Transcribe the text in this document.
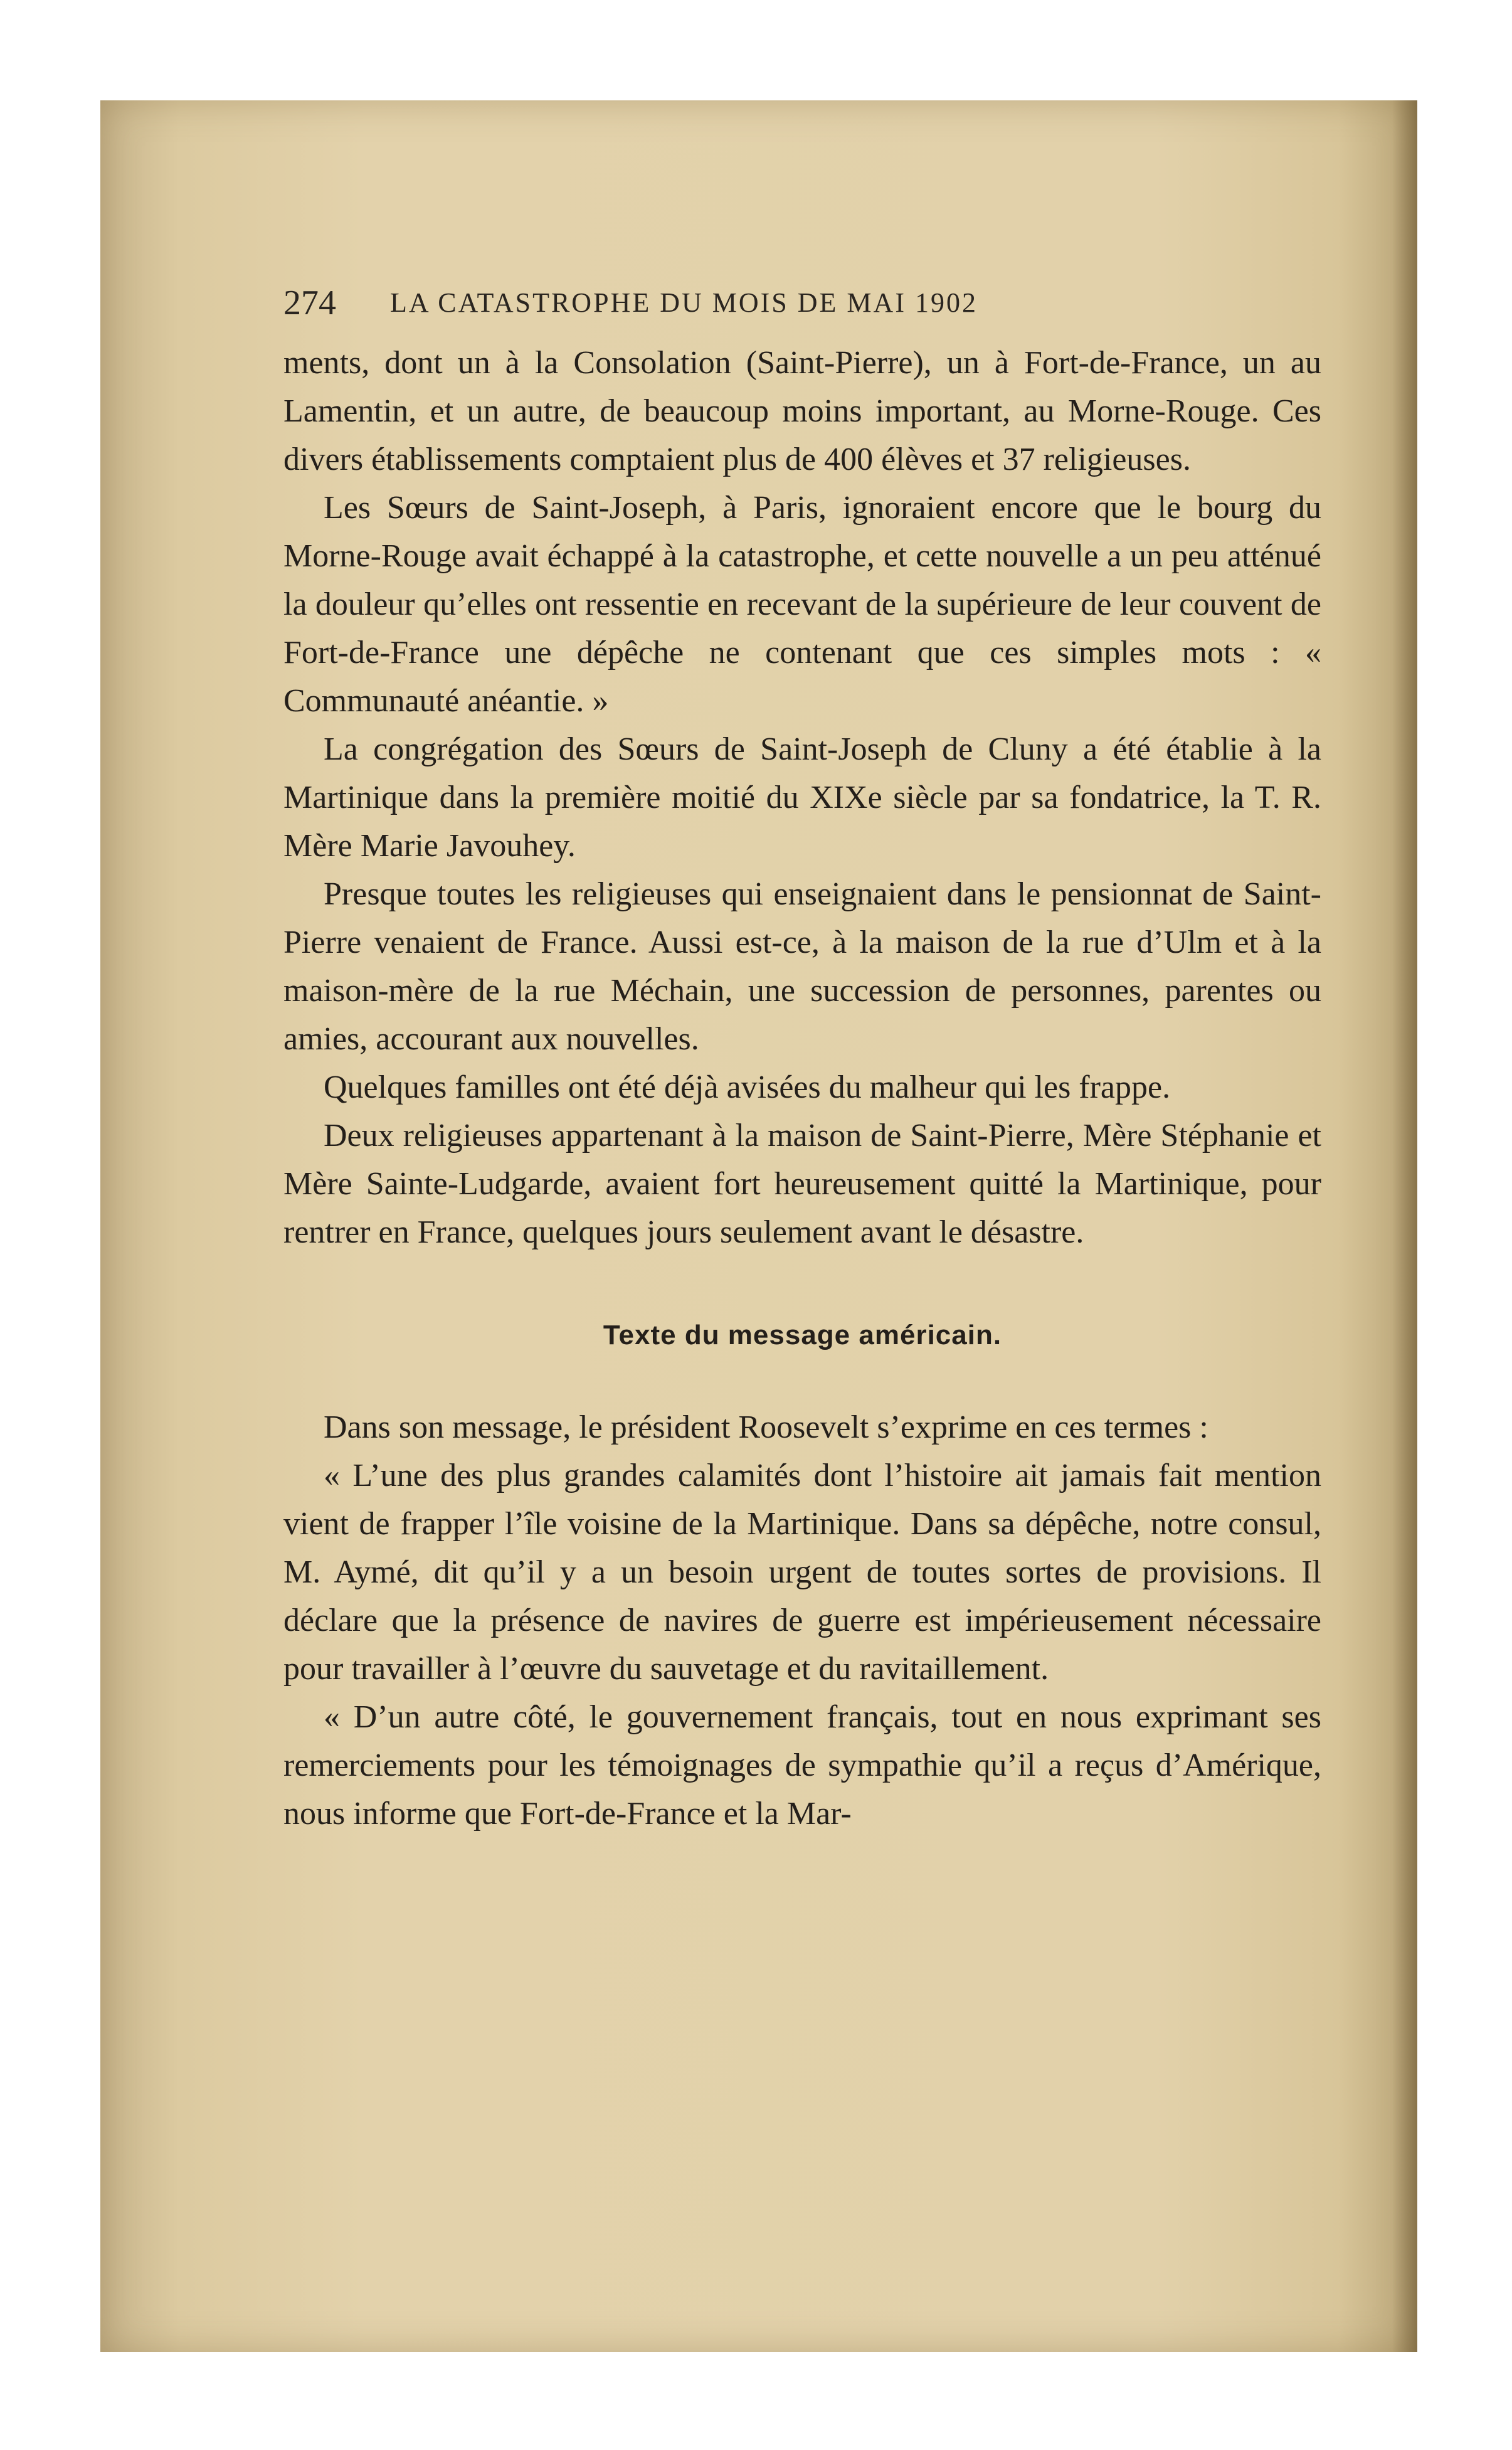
274 LA CATASTROPHE DU MOIS DE MAI 1902

ments, dont un à la Consolation (Saint-Pierre), un à Fort-de-France, un au Lamentin, et un autre, de beaucoup moins important, au Morne-Rouge. Ces divers établissements comptaient plus de 400 élèves et 37 religieuses.

Les Sœurs de Saint-Joseph, à Paris, ignoraient encore que le bourg du Morne-Rouge avait échappé à la catastrophe, et cette nouvelle a un peu atténué la douleur qu’elles ont ressentie en recevant de la supérieure de leur couvent de Fort-de-France une dépêche ne contenant que ces simples mots : « Communauté anéantie. »

La congrégation des Sœurs de Saint-Joseph de Cluny a été établie à la Martinique dans la première moitié du XIXe siècle par sa fondatrice, la T. R. Mère Marie Javouhey.

Presque toutes les religieuses qui enseignaient dans le pensionnat de Saint-Pierre venaient de France. Aussi est-ce, à la maison de la rue d’Ulm et à la maison-mère de la rue Méchain, une succession de personnes, parentes ou amies, accourant aux nouvelles.

Quelques familles ont été déjà avisées du malheur qui les frappe.

Deux religieuses appartenant à la maison de Saint-Pierre, Mère Stéphanie et Mère Sainte-Ludgarde, avaient fort heureusement quitté la Martinique, pour rentrer en France, quelques jours seulement avant le désastre.

Texte du message américain.

Dans son message, le président Roosevelt s’exprime en ces termes :

« L’une des plus grandes calamités dont l’histoire ait jamais fait mention vient de frapper l’île voisine de la Martinique. Dans sa dépêche, notre consul, M. Aymé, dit qu’il y a un besoin urgent de toutes sortes de provisions. Il déclare que la présence de navires de guerre est impérieusement nécessaire pour travailler à l’œuvre du sauvetage et du ravitaillement.

« D’un autre côté, le gouvernement français, tout en nous exprimant ses remerciements pour les témoignages de sympathie qu’il a reçus d’Amérique, nous informe que Fort-de-France et la Mar-
